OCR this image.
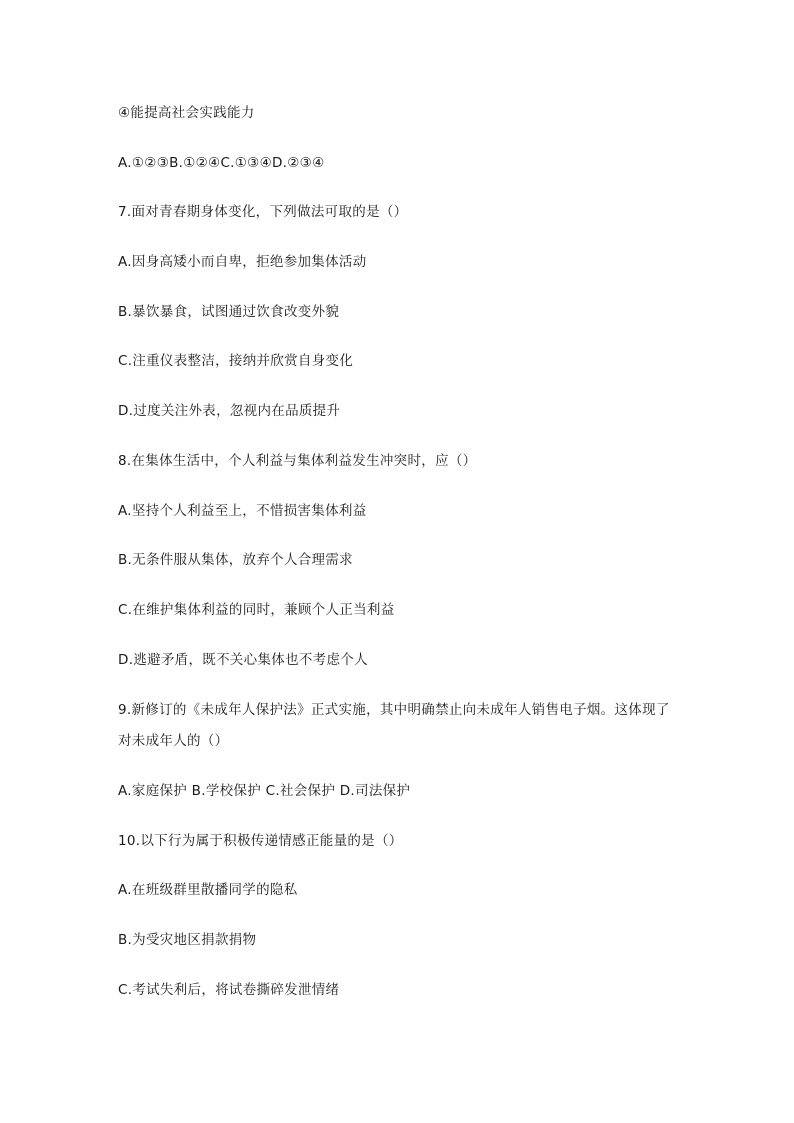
④能提高社会实践能力
A.①②③B.①②④C.①③④D.②③④
7.面对青春期身体变化，下列做法可取的是（）
A.因身高矮小而自卑，拒绝参加集体活动
B.暴饮暴食，试图通过饮食改变外貌
C.注重仪表整洁，接纳并欣赏自身变化
D.过度关注外表，忽视内在品质提升
8.在集体生活中，个人利益与集体利益发生冲突时，应（）
A.坚持个人利益至上，不惜损害集体利益
B.无条件服从集体，放弃个人合理需求
C.在维护集体利益的同时，兼顾个人正当利益
D.逃避矛盾，既不关心集体也不考虑个人
9.新修订的《未成年人保护法》正式实施，其中明确禁止向未成年人销售电子烟。这体现了
对未成年人的（）
A.家庭保护 B.学校保护 C.社会保护 D.司法保护
10.以下行为属于积极传递情感正能量的是（）
A.在班级群里散播同学的隐私
B.为受灾地区捐款捐物
C.考试失利后，将试卷撕碎发泄情绪
